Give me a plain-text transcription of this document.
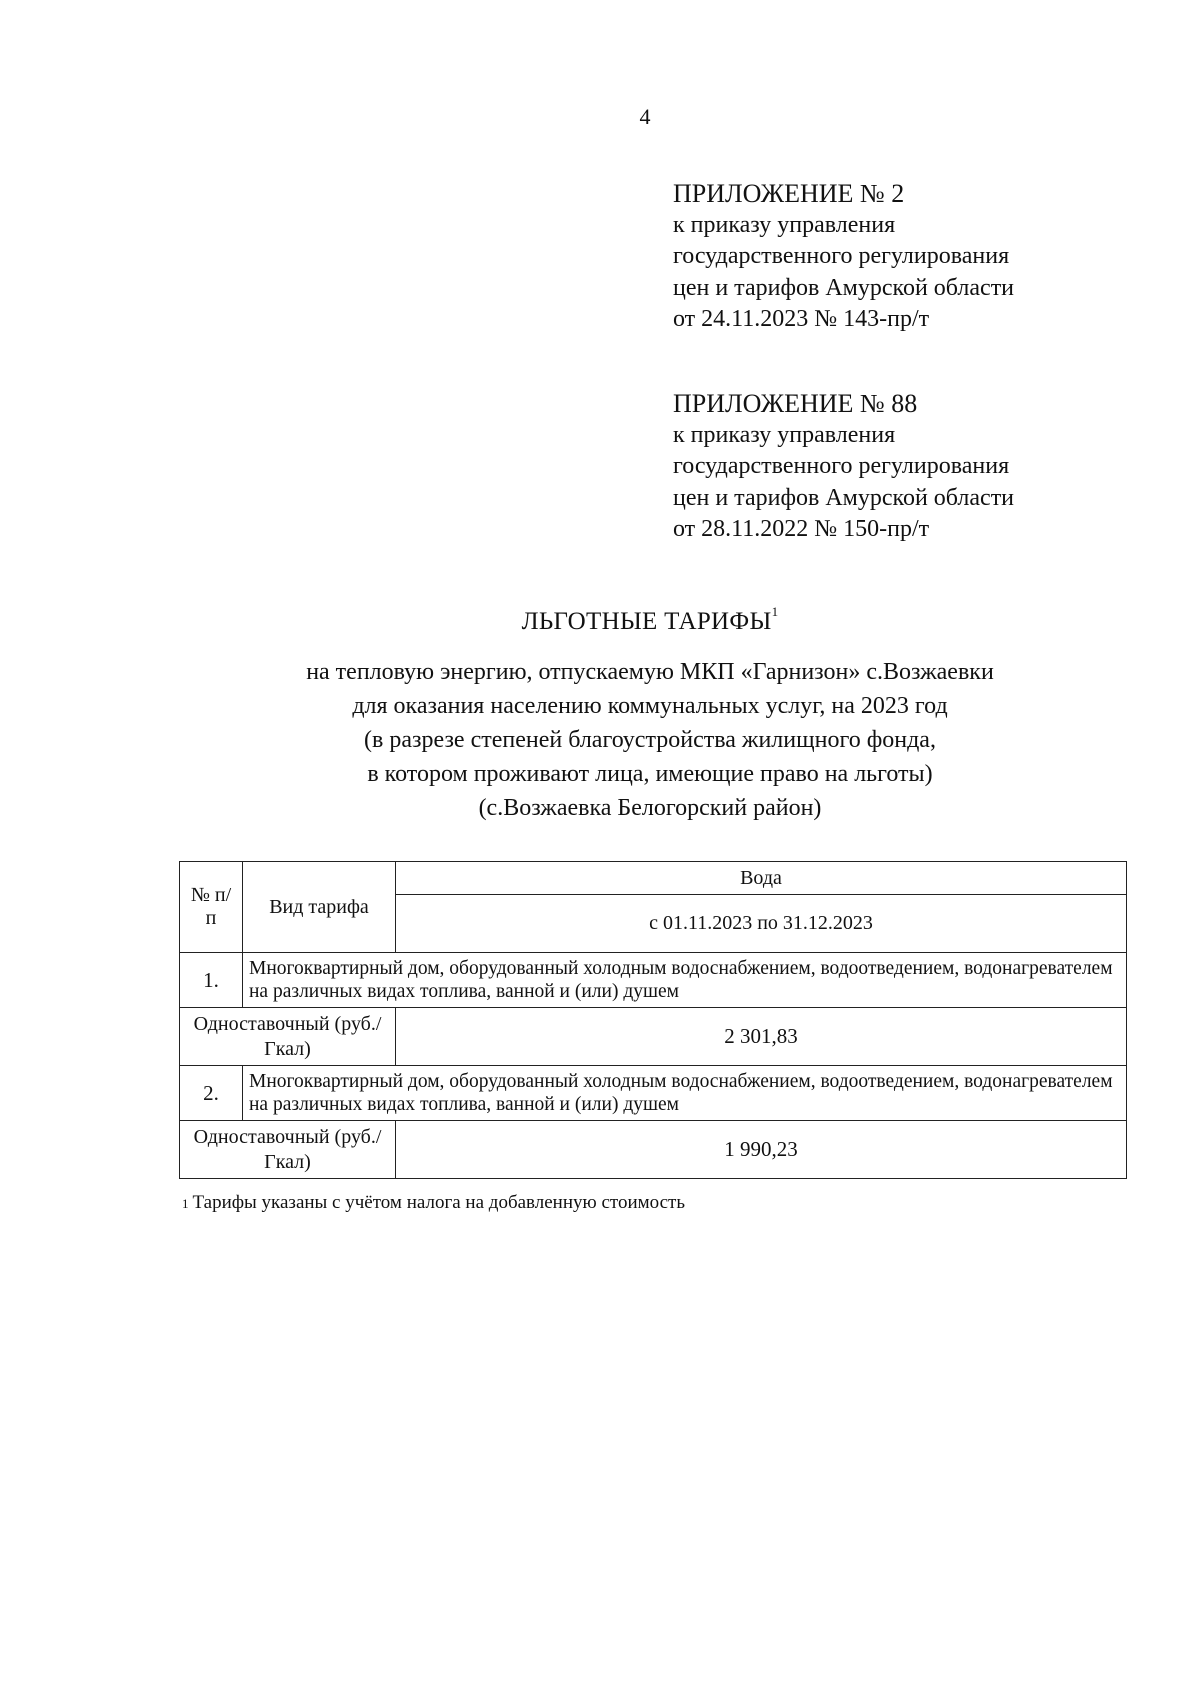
4
ПРИЛОЖЕНИЕ № 2
к приказу управления
государственного регулирования
цен и тарифов Амурской области
от 24.11.2023 № 143-пр/т
ПРИЛОЖЕНИЕ № 88
к приказу управления
государственного регулирования
цен и тарифов Амурской области
от 28.11.2022 № 150-пр/т
ЛЬГОТНЫЕ ТАРИФЫ$^1$
на тепловую энергию, отпускаемую МКП «Гарнизон» с.Возжаевки
для оказания населению коммунальных услуг, на 2023 год
(в разрезе степеней благоустройства жилищного фонда,
в котором проживают лица, имеющие право на льготы)
(с.Возжаевка Белогорский район)
№ п/п	Вид тарифа	Вода
		с 01.11.2023 по 31.12.2023
1.	Многоквартирный дом, оборудованный холодным водоснабжением, водоотведением, водонагревателем на различных видах топлива, ванной и (или) душем	
Одноставочный (руб./Гкал)		2 301,83
2.	Многоквартирный дом, оборудованный холодным водоснабжением, водоотведением, водонагревателем на различных видах топлива, ванной и (или) душем	
Одноставочный (руб./Гкал)		1 990,23
1 Тарифы указаны с учётом налога на добавленную стоимость
